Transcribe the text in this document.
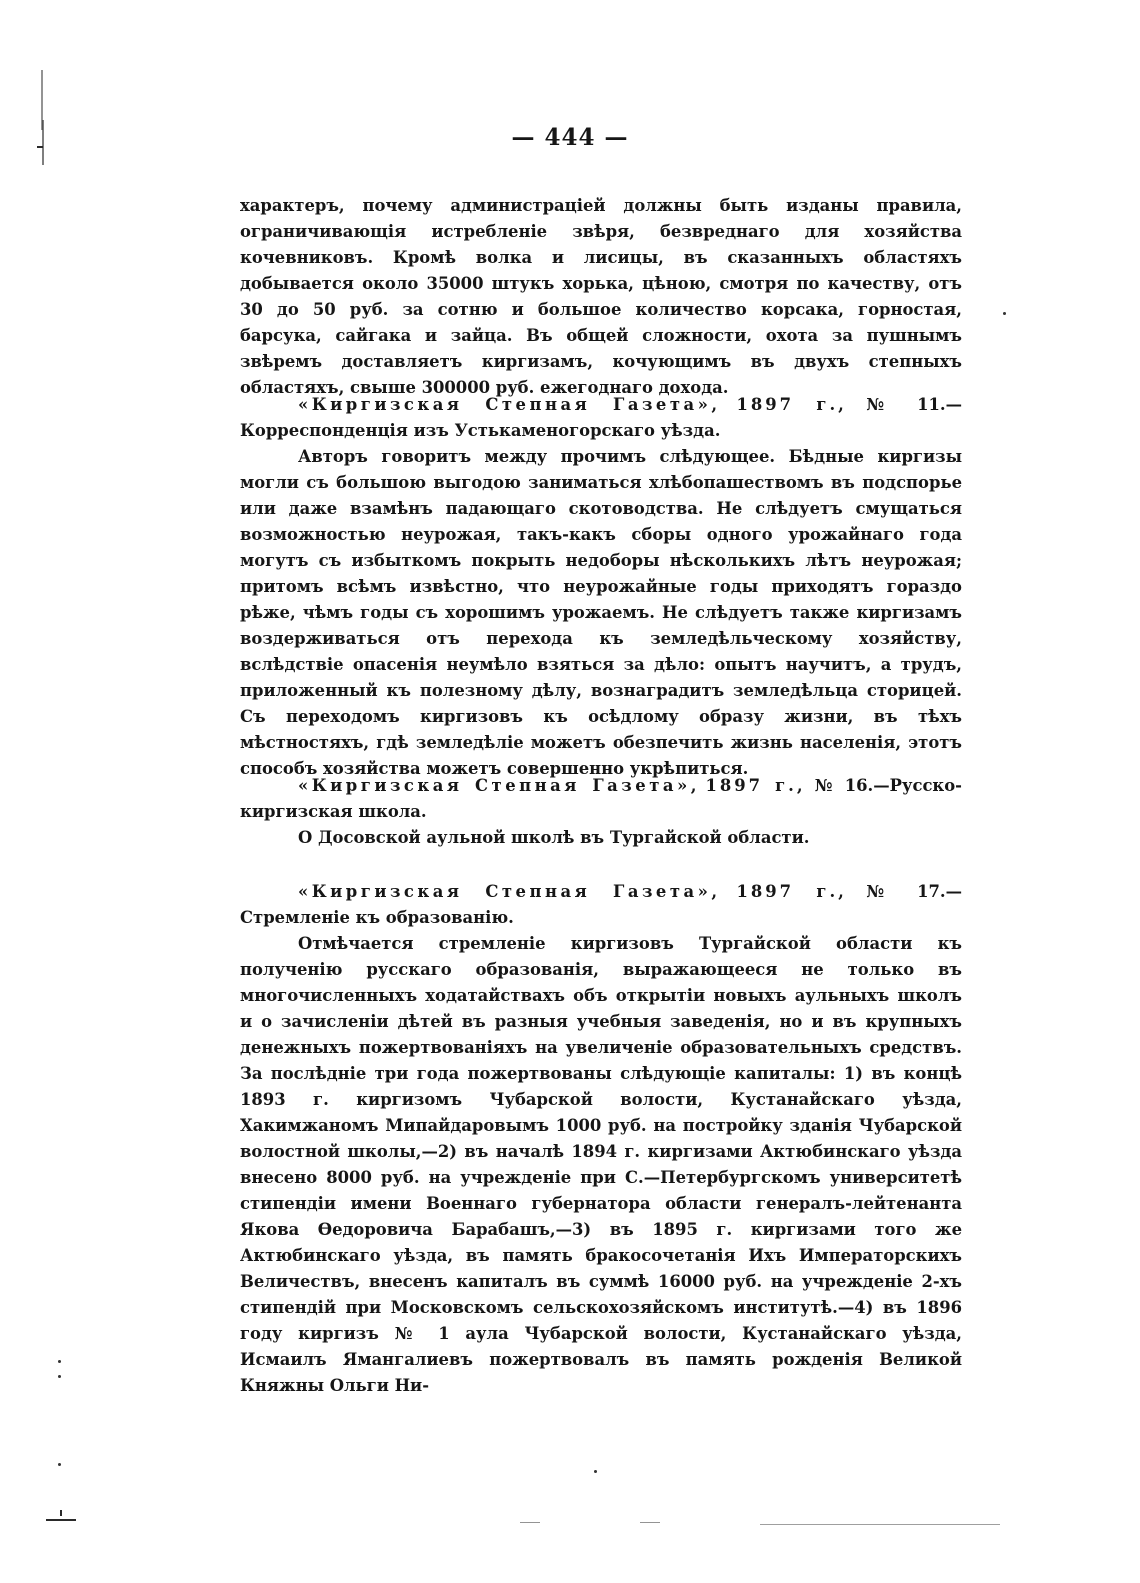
— 444 —

характеръ, почему администраціей должны быть изданы правила, ограничивающія истребленіе звѣря, безвреднаго для хозяйства кочевниковъ. Кромѣ волка и лисицы, въ сказанныхъ областяхъ добывается около 35000 штукъ хорька, цѣною, смотря по качеству, отъ 30 до 50 руб. за сотню и большое количество корсака, горностая, барсука, сайгака и зайца. Въ общей сложности, охота за пушнымъ звѣремъ доставляетъ киргизамъ, кочующимъ въ двухъ степныхъ областяхъ, свыше 300000 руб. ежегоднаго дохода.

«Киргизская Степная Газета», 1897 г., № 11.—Корреспонденція изъ Устькаменогорскаго уѣзда.

Авторъ говоритъ между прочимъ слѣдующее. Бѣдные киргизы могли съ большою выгодою заниматься хлѣбопашествомъ въ подспорье или даже взамѣнъ падающаго скотоводства. Не слѣдуетъ смущаться возможностью неурожая, такъ-какъ сборы одного урожайнаго года могутъ съ избыткомъ покрыть недоборы нѣсколькихъ лѣтъ неурожая; притомъ всѣмъ извѣстно, что неурожайные годы приходятъ гораздо рѣже, чѣмъ годы съ хорошимъ урожаемъ. Не слѣдуетъ также киргизамъ воздерживаться отъ перехода къ земледѣльческому хозяйству, вслѣдствіе опасенія неумѣло взяться за дѣло: опытъ научитъ, а трудъ, приложенный къ полезному дѣлу, вознаградитъ земледѣльца сторицей. Съ переходомъ киргизовъ къ осѣдлому образу жизни, въ тѣхъ мѣстностяхъ, гдѣ земледѣліе можетъ обезпечить жизнь населенія, этотъ способъ хозяйства можетъ совершенно укрѣпиться.

«Киргизская Степная Газета», 1897 г., № 16.—Русско-киргизская школа.

О Досовской аульной школѣ въ Тургайской области.

«Киргизская Степная Газета», 1897 г., № 17.—Стремленіе къ образованію.

Отмѣчается стремленіе киргизовъ Тургайской области къ полученію русскаго образованія, выражающееся не только въ многочисленныхъ ходатайствахъ объ открытіи новыхъ аульныхъ школъ и о зачисленіи дѣтей въ разныя учебныя заведенія, но и въ крупныхъ денежныхъ пожертвованіяхъ на увеличеніе образовательныхъ средствъ. За послѣдніе три года пожертвованы слѣдующіе капиталы: 1) въ концѣ 1893 г. киргизомъ Чубарской волости, Кустанайскаго уѣзда, Хакимжаномъ Мипайдаровымъ 1000 руб. на постройку зданія Чубарской волостной школы,—2) въ началѣ 1894 г. киргизами Актюбинскаго уѣзда внесено 8000 руб. на учрежденіе при С.—Петербургскомъ университетѣ стипендіи имени Военнаго губернатора области генералъ-лейтенанта Якова Ѳедоровича Барабашъ,—3) въ 1895 г. киргизами того же Актюбинскаго уѣзда, въ память бракосочетанія Ихъ Императорскихъ Величествъ, внесенъ капиталъ въ суммѣ 16000 руб. на учрежденіе 2-хъ стипендій при Московскомъ сельскохозяйскомъ институтѣ.—4) въ 1896 году киргизъ № 1 аула Чубарской волости, Кустанайскаго уѣзда, Исмаилъ Ямангалиевъ пожертвовалъ въ память рожденія Великой Княжны Ольги Ни-
